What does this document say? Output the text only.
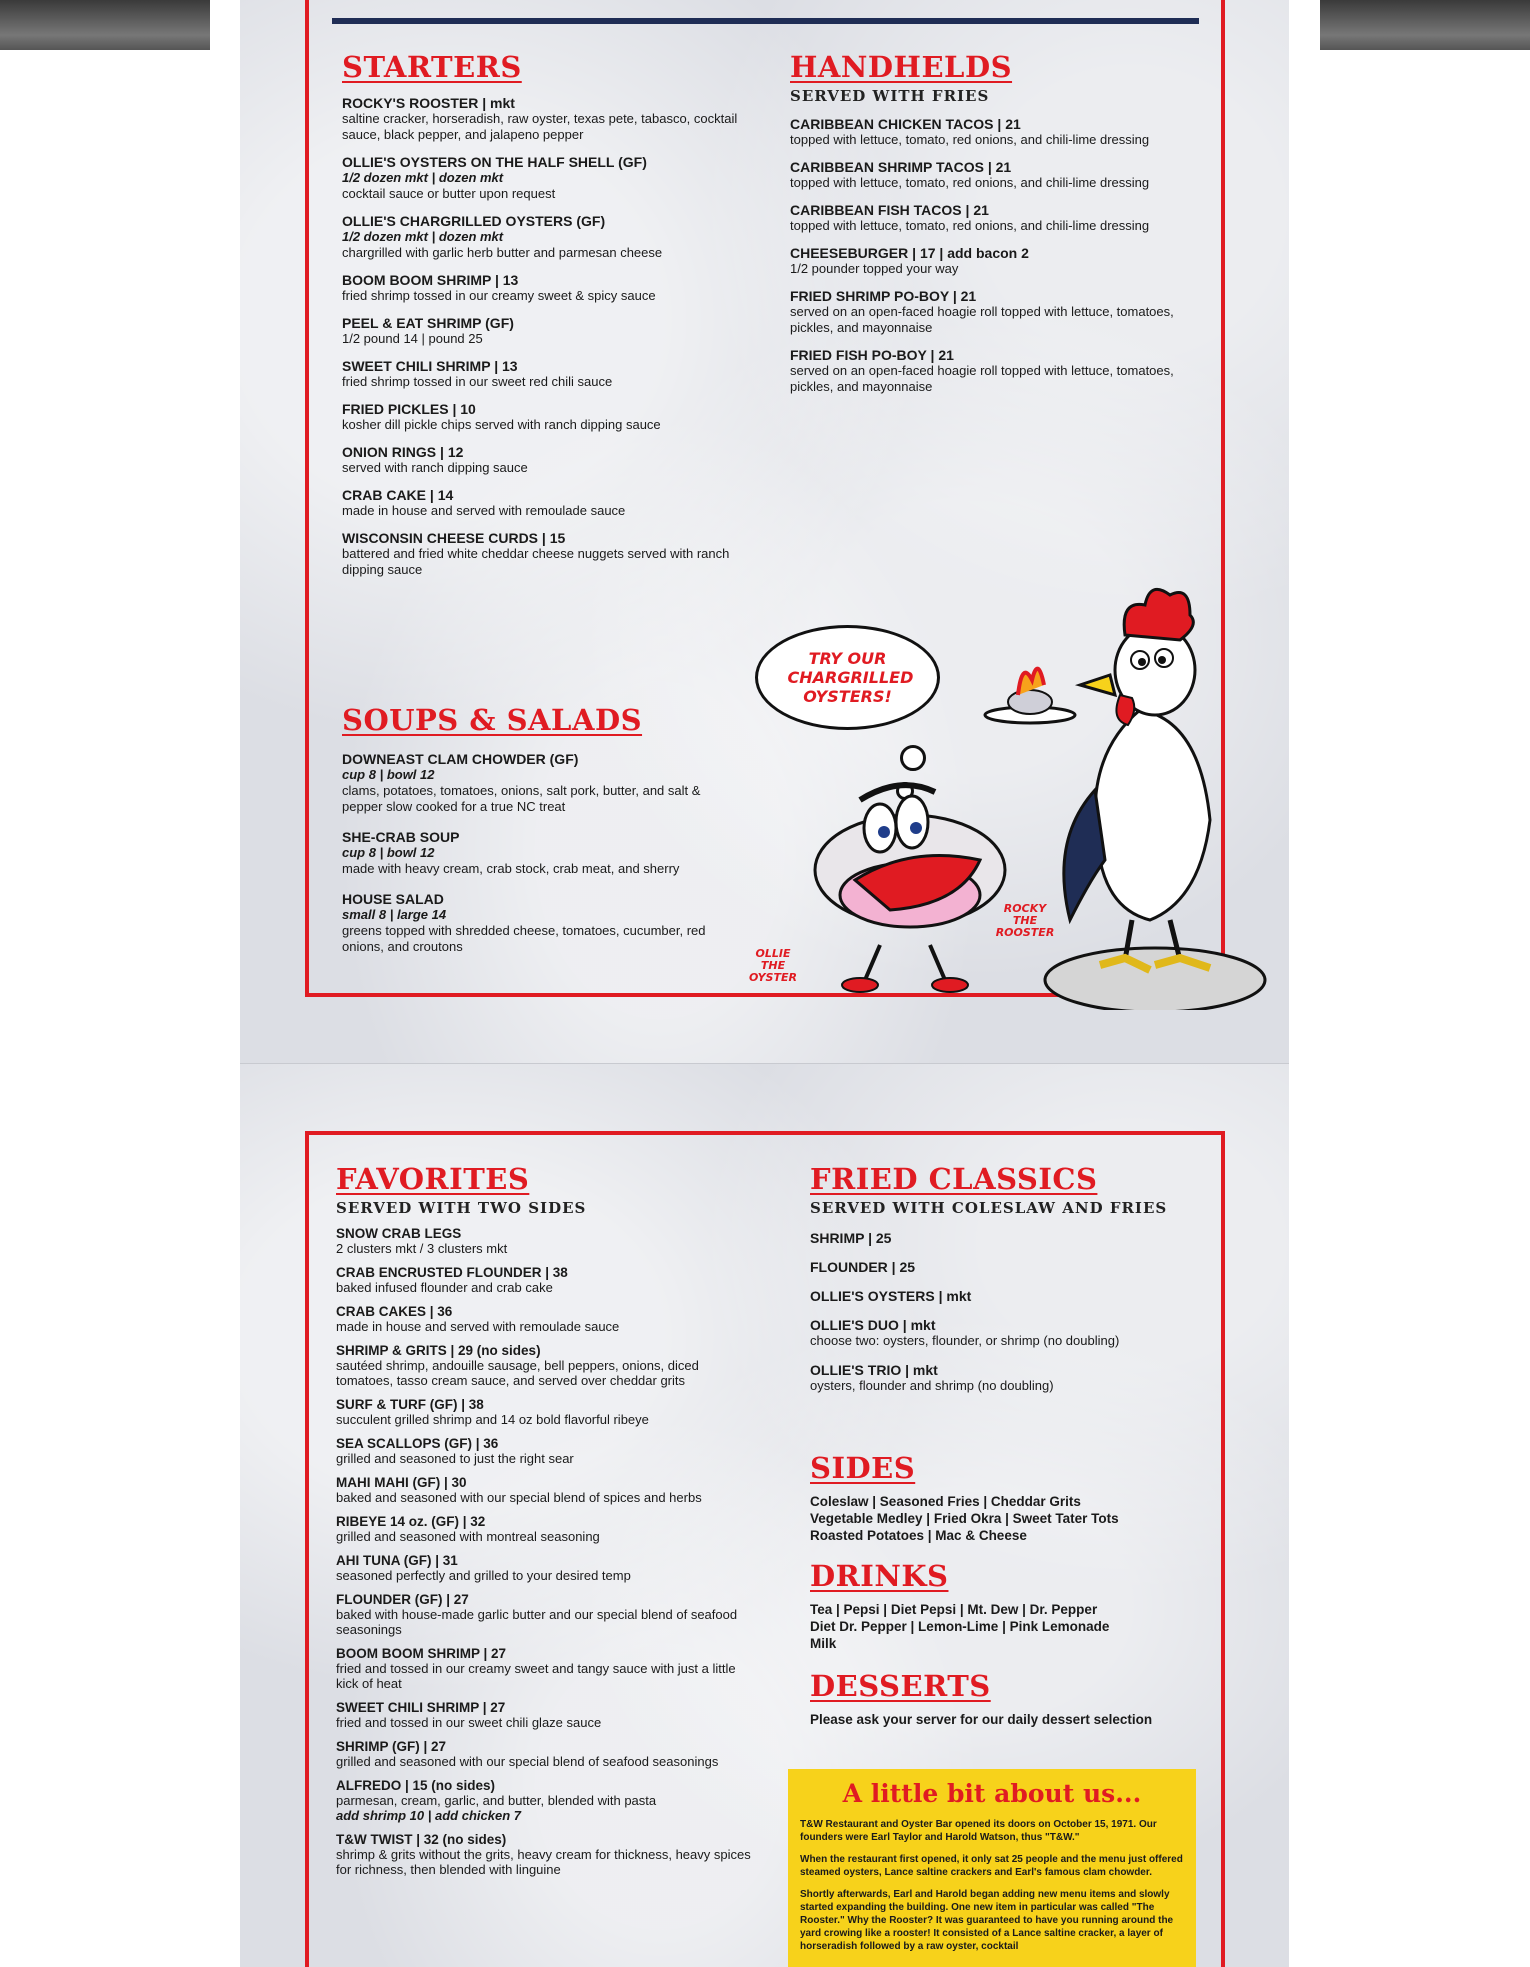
STARTERS
ROCKY'S ROOSTER | mkt
saltine cracker, horseradish, raw oyster, texas pete, tabasco, cocktail sauce, black pepper, and jalapeno pepper
OLLIE'S OYSTERS ON THE HALF SHELL (GF)
1/2 dozen mkt | dozen mkt
cocktail sauce or butter upon request
OLLIE'S CHARGRILLED OYSTERS (GF)
1/2 dozen mkt | dozen mkt
chargrilled with garlic herb butter and parmesan cheese
BOOM BOOM SHRIMP | 13
fried shrimp tossed in our creamy sweet & spicy sauce
PEEL & EAT SHRIMP (GF)
1/2 pound 14 | pound 25
SWEET CHILI SHRIMP | 13
fried shrimp tossed in our sweet red chili sauce
FRIED PICKLES | 10
kosher dill pickle chips served with ranch dipping sauce
ONION RINGS | 12
served with ranch dipping sauce
CRAB CAKE | 14
made in house and served with remoulade sauce
WISCONSIN CHEESE CURDS | 15
battered and fried white cheddar cheese nuggets served with ranch dipping sauce
SOUPS & SALADS
DOWNEAST CLAM CHOWDER (GF)
cup 8 | bowl 12
clams, potatoes, tomatoes, onions, salt pork, butter, and salt & pepper slow cooked for a true NC treat
SHE-CRAB SOUP
cup 8 | bowl 12
made with heavy cream, crab stock, crab meat, and sherry
HOUSE SALAD
small 8 | large 14
greens topped with shredded cheese, tomatoes, cucumber, red onions, and croutons
HANDHELDS
SERVED WITH FRIES
CARIBBEAN CHICKEN TACOS | 21
topped with lettuce, tomato, red onions, and chili-lime dressing
CARIBBEAN SHRIMP TACOS | 21
topped with lettuce, tomato, red onions, and chili-lime dressing
CARIBBEAN FISH TACOS | 21
topped with lettuce, tomato, red onions, and chili-lime dressing
CHEESEBURGER | 17 | add bacon 2
1/2 pounder topped your way
FRIED SHRIMP PO-BOY | 21
served on an open-faced hoagie roll topped with lettuce, tomatoes, pickles, and mayonnaise
FRIED FISH PO-BOY | 21
served on an open-faced hoagie roll topped with lettuce, tomatoes, pickles, and mayonnaise
TRY OUR CHARGRILLED OYSTERS!
OLLIE THE OYSTER
ROCKY THE ROOSTER
FAVORITES
SERVED WITH TWO SIDES
SNOW CRAB LEGS
2 clusters mkt / 3 clusters mkt
CRAB ENCRUSTED FLOUNDER | 38
baked infused flounder and crab cake
CRAB CAKES | 36
made in house and served with remoulade sauce
SHRIMP & GRITS | 29 (no sides)
sautéed shrimp, andouille sausage, bell peppers, onions, diced tomatoes, tasso cream sauce, and served over cheddar grits
SURF & TURF (GF) | 38
succulent grilled shrimp and 14 oz bold flavorful ribeye
SEA SCALLOPS (GF) | 36
grilled and seasoned to just the right sear
MAHI MAHI (GF) | 30
baked and seasoned with our special blend of spices and herbs
RIBEYE 14 oz. (GF) | 32
grilled and seasoned with montreal seasoning
AHI TUNA (GF) | 31
seasoned perfectly and grilled to your desired temp
FLOUNDER (GF) | 27
baked with house-made garlic butter and our special blend of seafood seasonings
BOOM BOOM SHRIMP | 27
fried and tossed in our creamy sweet and tangy sauce with just a little kick of heat
SWEET CHILI SHRIMP | 27
fried and tossed in our sweet chili glaze sauce
SHRIMP (GF) | 27
grilled and seasoned with our special blend of seafood seasonings
ALFREDO | 15 (no sides)
parmesan, cream, garlic, and butter, blended with pasta
add shrimp 10 | add chicken 7
T&W TWIST | 32 (no sides)
shrimp & grits without the grits, heavy cream for thickness, heavy spices for richness, then blended with linguine
FRIED CLASSICS
SERVED WITH COLESLAW AND FRIES
SHRIMP | 25
FLOUNDER | 25
OLLIE'S OYSTERS | mkt
OLLIE'S DUO | mkt
choose two: oysters, flounder, or shrimp (no doubling)
OLLIE'S TRIO | mkt
oysters, flounder and shrimp (no doubling)
SIDES
Coleslaw | Seasoned Fries | Cheddar Grits
Vegetable Medley | Fried Okra | Sweet Tater Tots
Roasted Potatoes | Mac & Cheese
DRINKS
Tea | Pepsi | Diet Pepsi | Mt. Dew | Dr. Pepper
Diet Dr. Pepper | Lemon-Lime | Pink Lemonade
Milk
DESSERTS
Please ask your server for our daily dessert selection
A little bit about us...

T&W Restaurant and Oyster Bar opened its doors on October 15, 1971. Our founders were Earl Taylor and Harold Watson, thus "T&W."

When the restaurant first opened, it only sat 25 people and the menu just offered steamed oysters, Lance saltine crackers and Earl's famous clam chowder.

Shortly afterwards, Earl and Harold began adding new menu items and slowly started expanding the building. One new item in particular was called "The Rooster." Why the Rooster? It was guaranteed to have you running around the yard crowing like a rooster! It consisted of a Lance saltine cracker, a layer of horseradish followed by a raw oyster, cocktail
